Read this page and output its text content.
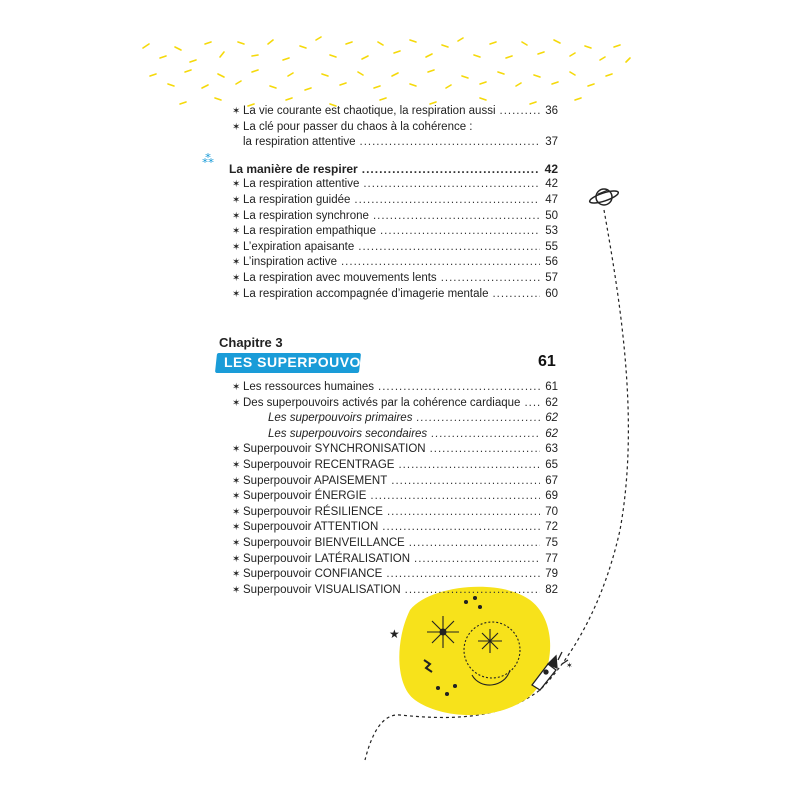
★
✶
⁂
✶ La vie courante est chaotique, la respiration aussi .....	36
✶ La clé pour passer du chaos à la cohérence :
la respiration attentive .....	37
La manière de respirer .....	42
✶ La respiration attentive .....	42
✶ La respiration guidée .....	47
✶ La respiration synchrone .....	50
✶ La respiration empathique .....	53
✶ L’expiration apaisante .....	55
✶ L’inspiration active .....	56
✶ La respiration avec mouvements lents .....	57
✶ La respiration accompagnée d’imagerie mentale .....	60
Chapitre 3
LES SUPERPOUVOIRS	61
✶ Les ressources humaines .....	61
✶ Des superpouvoirs activés par la cohérence cardiaque ..... 62
Les superpouvoirs primaires .....	62
Les superpouvoirs secondaires .....	62
✶ Superpouvoir SYNCHRONISATION .....	63
✶ Superpouvoir RECENTRAGE .....	65
✶ Superpouvoir APAISEMENT .....	67
✶ Superpouvoir ÉNERGIE .....	69
✶ Superpouvoir RÉSILIENCE .....	70
✶ Superpouvoir ATTENTION .....	72
✶ Superpouvoir BIENVEILLANCE .....	75
✶ Superpouvoir LATÉRALISATION .....	77
✶ Superpouvoir CONFIANCE .....	79
✶ Superpouvoir VISUALISATION .....	82
